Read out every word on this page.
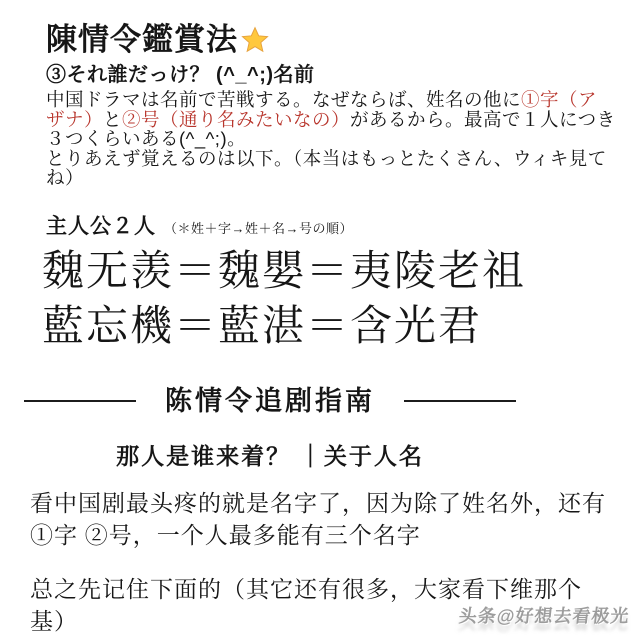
陳情令鑑賞法
③それ誰だっけ？ (^_^;)名前

中国ドラマは名前で苦戦する。なぜならば、姓名の他に①字（アザナ）と②号（通り名みたいなの）があるから。最高で１人につき３つくらいある(^_^;)。

とりあえず覚えるのは以下。（本当はもっとたくさん、ウィキ見てね）

主人公２人 （＊姓＋字→姓＋名→号の順）
魏无羡＝魏嬰＝夷陵老祖
藍忘機＝藍湛＝含光君
陈情令追剧指南
那人是谁来着？ ｜关于人名
看中国剧最头疼的就是名字了，因为除了姓名外，还有①字 ②号，一个人最多能有三个名字
总之先记住下面的（其它还有很多，大家看下维那个基）	头条@好想去看极光
